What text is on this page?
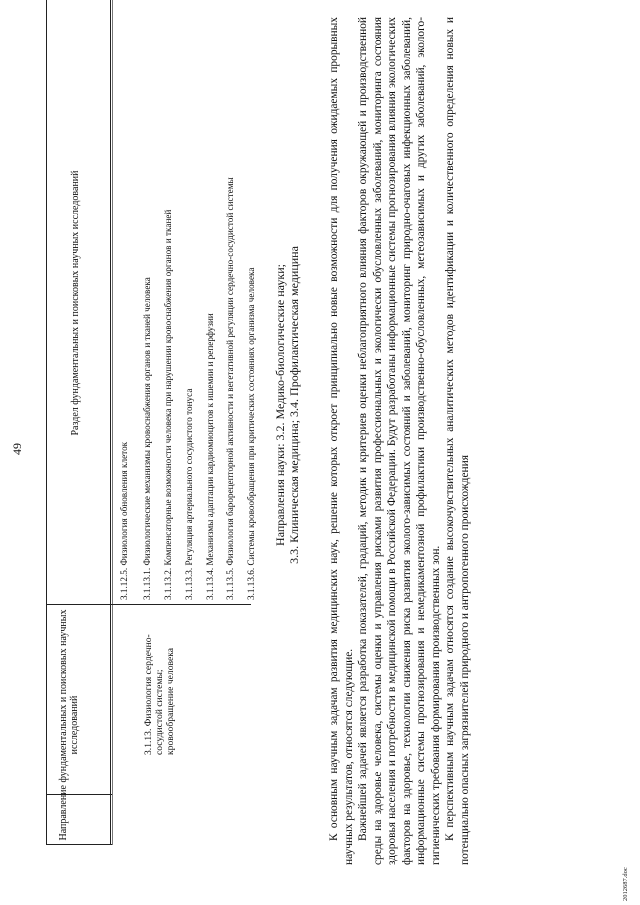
49
Направление фундаментальных и поисковых научных исследований
Раздел фундаментальных и поисковых научных исследований
3.1.13. Физиология сердечно-сосудистой системы; кровообращение человека
3.1.12.5. Физиология обновления клеток 3.1.13.1. Физиологические механизмы кровоснабжения органов и тканей человека 3.1.13.2. Компенсаторные возможности человека при нарушении кровоснабжения органов и тканей 3.1.13.3. Регуляция артериального сосудистого тонуса 3.1.13.4. Механизмы адаптации кардиомиоцитов к ишемии и реперфузии 3.1.13.5. Физиология барорецепторной активности и вегетативной регуляции сердечно-сосудистой системы 3.1.13.6. Системы кровообращения при критических состояниях организма человека Направления науки: 3.2. Медико-биологические науки; 3.3. Клиническая медицина; 3.4. Профилактическая медицина К основным научным задачам развития медицинских наук, решение которых откроет принципиально новые возможности для получения ожидаемых прорывных научных результатов, относятся следующие. Важнейшей задачей является разработка показателей, градаций, методик и критериев оценки неблагоприятного влияния факторов окружающей и производственной среды на здоровье человека, системы оценки и управления рисками развития профессиональных и экологически обусловленных заболеваний, мониторинга состояния здоровья населения и потребности в медицинской помощи в Российской Федерации. Будут разработаны информационные системы прогнозирования влияния экологических факторов на здоровье, технологии снижения риска развития эколого-зависимых состояний и заболеваний, мониторинг природно-очаговых инфекционных заболеваний, информационные системы прогнозирования и немедикаментозной профилактики производственно-обусловленных, метеозависимых и других заболеваний, эколого-гигиенических требования формирования производственных зон. К перспективным научным задачам относятся создание высокочувствительных аналитических методов идентификации и количественного определения новых и потенциально опасных загрязнителей природного и антропогенного происхождения

2012687.doc
